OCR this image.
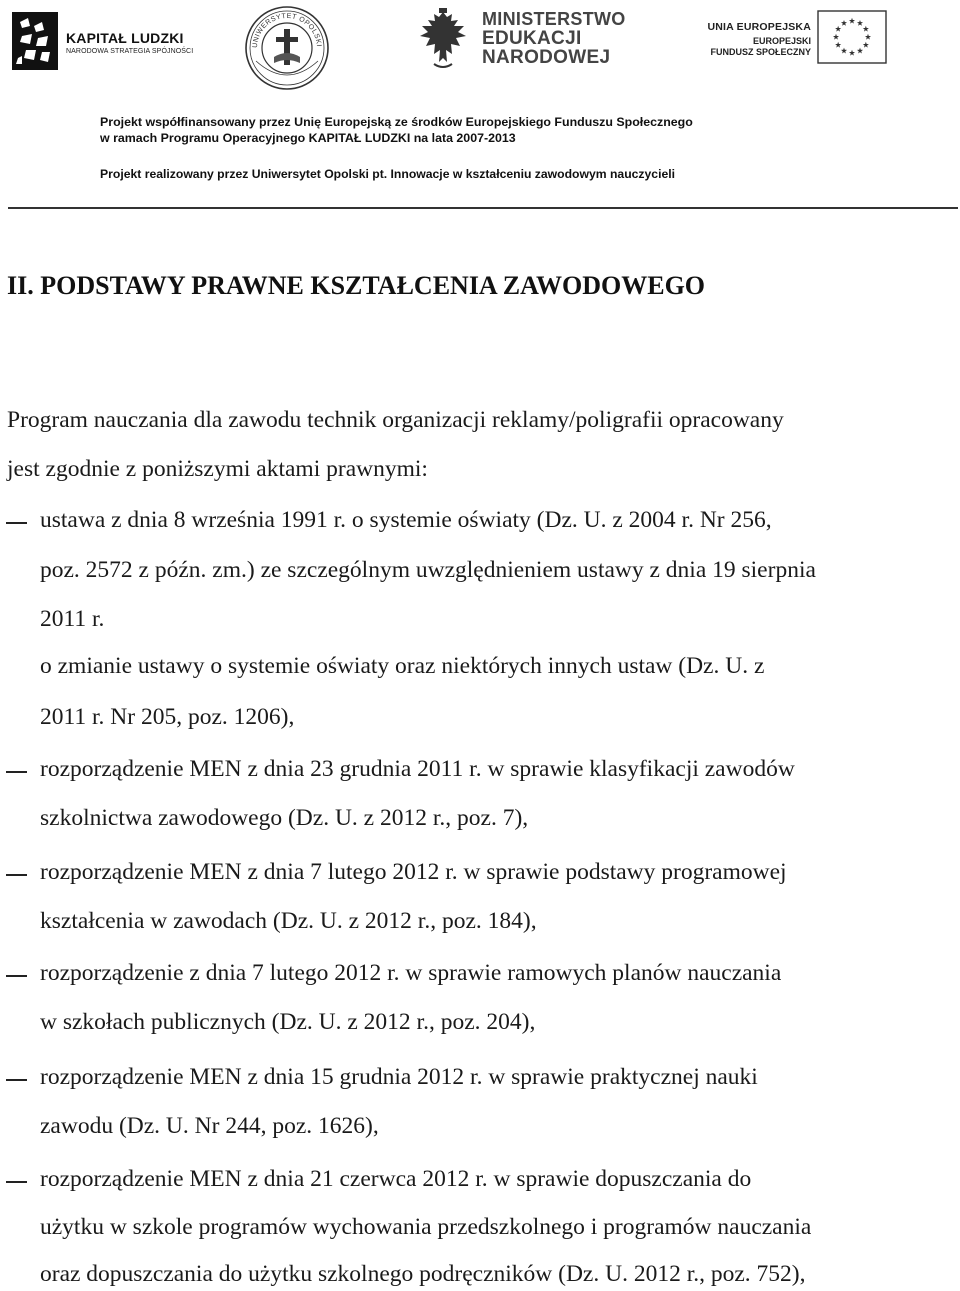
KAPITAŁ LUDZKI
NARODOWA STRATEGIA SPÓJNOŚCI
UNIWERSYTET OPOLSKI
MINISTERSTWO
EDUKACJI
NARODOWEJ
UNIA EUROPEJSKA
EUROPEJSKI
FUNDUSZ SPOŁECZNY
Projekt współfinansowany przez Unię Europejską ze środków Europejskiego Funduszu Społecznego
w ramach Programu Operacyjnego KAPITAŁ LUDZKI na lata 2007-2013
Projekt realizowany przez Uniwersytet Opolski pt. Innowacje w kształceniu zawodowym nauczycieli
II. PODSTAWY PRAWNE KSZTAŁCENIA ZAWODOWEGO
Program nauczania dla zawodu technik organizacji reklamy/poligrafii opracowany
jest zgodnie z poniższymi aktami prawnymi:
ustawa z dnia 8 września 1991 r. o systemie oświaty (Dz. U. z 2004 r. Nr 256,
poz. 2572 z późn. zm.) ze szczególnym uwzględnieniem ustawy z dnia 19 sierpnia
2011 r.
o zmianie ustawy o systemie oświaty oraz niektórych innych ustaw (Dz. U. z
2011 r. Nr 205, poz. 1206),
rozporządzenie MEN z dnia 23 grudnia 2011 r. w sprawie klasyfikacji zawodów
szkolnictwa zawodowego (Dz. U. z 2012 r., poz. 7),
rozporządzenie MEN z dnia 7 lutego 2012 r. w sprawie podstawy programowej
kształcenia w zawodach (Dz. U. z 2012 r., poz. 184),
rozporządzenie z dnia 7 lutego 2012 r. w sprawie ramowych planów nauczania
w szkołach publicznych (Dz. U. z 2012 r., poz. 204),
rozporządzenie MEN z dnia 15 grudnia 2012 r. w sprawie praktycznej nauki
zawodu (Dz. U. Nr 244, poz. 1626),
rozporządzenie MEN z dnia 21 czerwca 2012 r. w sprawie dopuszczania do
użytku w szkole programów wychowania przedszkolnego i programów nauczania
oraz dopuszczania do użytku szkolnego podręczników (Dz. U. 2012 r., poz. 752),
